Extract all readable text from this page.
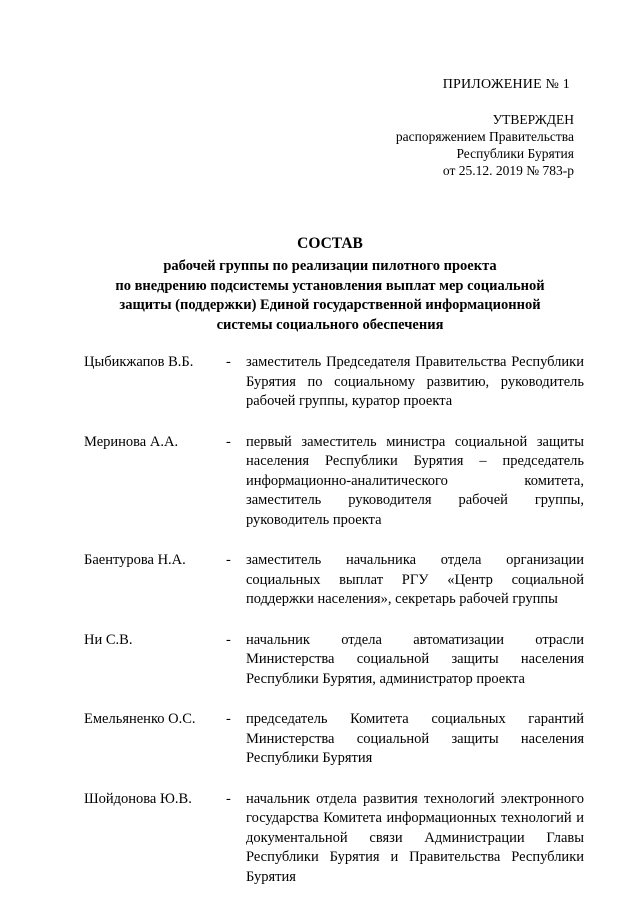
ПРИЛОЖЕНИЕ № 1
УТВЕРЖДЕН
распоряжением Правительства
Республики Бурятия
от 25.12. 2019 № 783-р
СОСТАВ
рабочей группы по реализации пилотного проекта
по внедрению подсистемы установления выплат мер социальной
защиты (поддержки) Единой государственной информационной
системы социального обеспечения
Цыбикжапов В.Б.	-	заместитель Председателя Правительства Республики Бурятия по социальному развитию, руководитель рабочей группы, куратор проекта
Меринова А.А.	-	первый заместитель министра социальной защиты населения Республики Бурятия – председатель информационно-аналитического комитета, заместитель руководителя рабочей группы, руководитель проекта
Баентурова Н.А.	-	заместитель начальника отдела организации социальных выплат РГУ «Центр социальной поддержки населения», секретарь рабочей группы
Ни С.В.	-	начальник отдела автоматизации отрасли Министерства социальной защиты населения Республики Бурятия, администратор проекта
Емельяненко О.С.	-	председатель Комитета социальных гарантий Министерства социальной защиты населения Республики Бурятия
Шойдонова Ю.В.	-	начальник отдела развития технологий электронного государства Комитета информационных технологий и документальной связи Администрации Главы Республики Бурятия и Правительства Республики Бурятия
